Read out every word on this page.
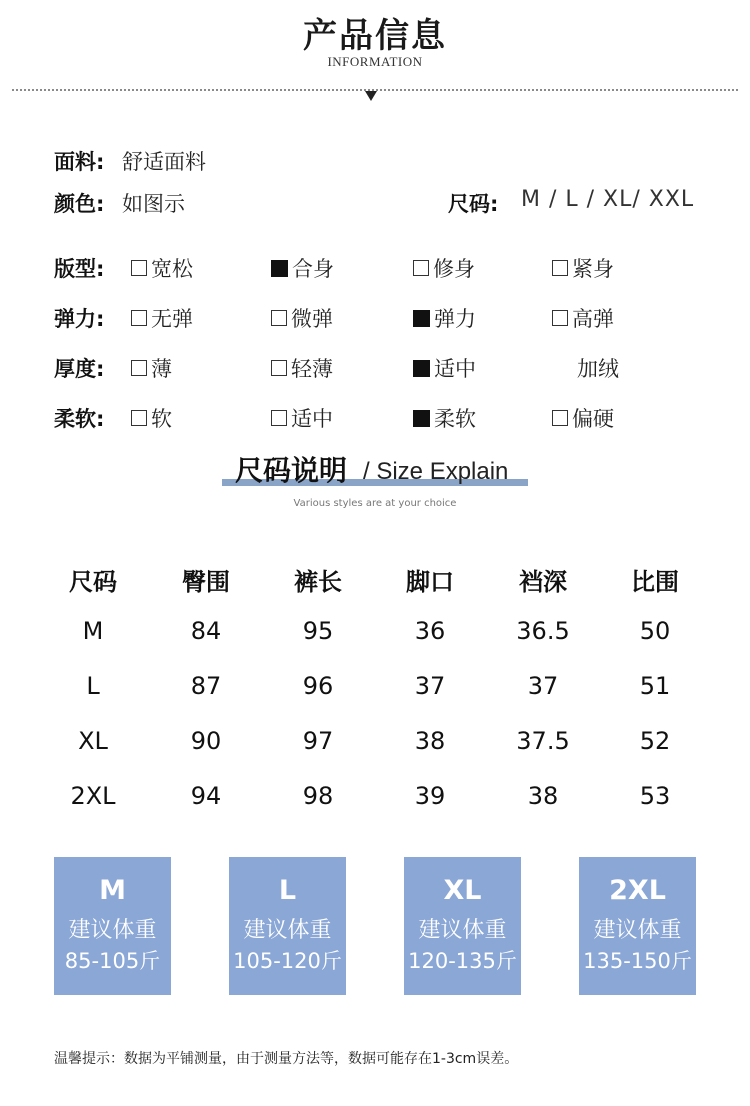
产品信息
INFORMATION
面料: 舒适面料
颜色: 如图示	尺码: M / L / XL/ XXL
版型: 宽松	合身	修身	紧身
弹力: 无弹	微弹	弹力	高弹
厚度: 薄	轻薄	适中	加绒
柔软: 软	适中	柔软	偏硬
尺码说明 / Size Explain
Various styles are at your choice
尺码	臀围	裤长	脚口	裆深	比围
M	84	95	36	36.5	50
L	87	96	37	37	51
XL	90	97	38	37.5	52
2XL	94	98	39	38	53
M
建议体重
85-105斤
L
建议体重
105-120斤
XL
建议体重
120-135斤
2XL
建议体重
135-150斤
温馨提示：数据为平铺测量，由于测量方法等，数据可能存在1-3cm误差。
